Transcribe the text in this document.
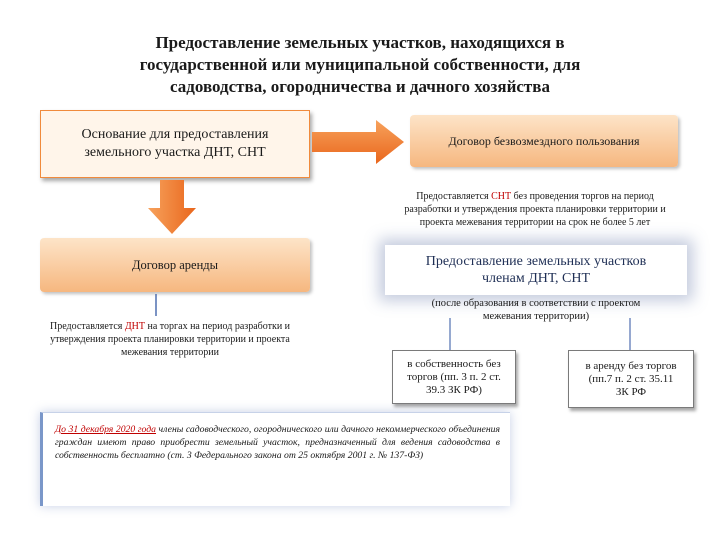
Предоставление земельных участков, находящихся в
государственной или муниципальной собственности, для
садоводства, огородничества и дачного хозяйства
Основание для предоставления
земельного участка ДНТ, СНТ
Договор безвозмездного пользования
Предоставляется СНТ без проведения торгов на период
разработки и утверждения проекта планировки территории и
проекта межевания территории на срок не более 5 лет
Договор аренды
Предоставляется ДНТ на торгах на период разработки и
утверждения проекта планировки территории и проекта
межевания территории
Предоставление земельных участков
членам ДНТ, СНТ
(после образования в соответствии с проектом
межевания территории)
в собственность без
торгов (пп. 3 п. 2 ст.
39.3 ЗК РФ)
в аренду без торгов
(пп.7 п. 2 ст. 35.11
ЗК РФ
До 31 декабря 2020 года члены садоводческого, огороднического или дачного некоммерческого объединения граждан имеют право приобрести земельный участок, предназначенный для ведения садоводства в собственность бесплатно (ст. 3 Федерального закона от 25 октября 2001 г. № 137-ФЗ)
